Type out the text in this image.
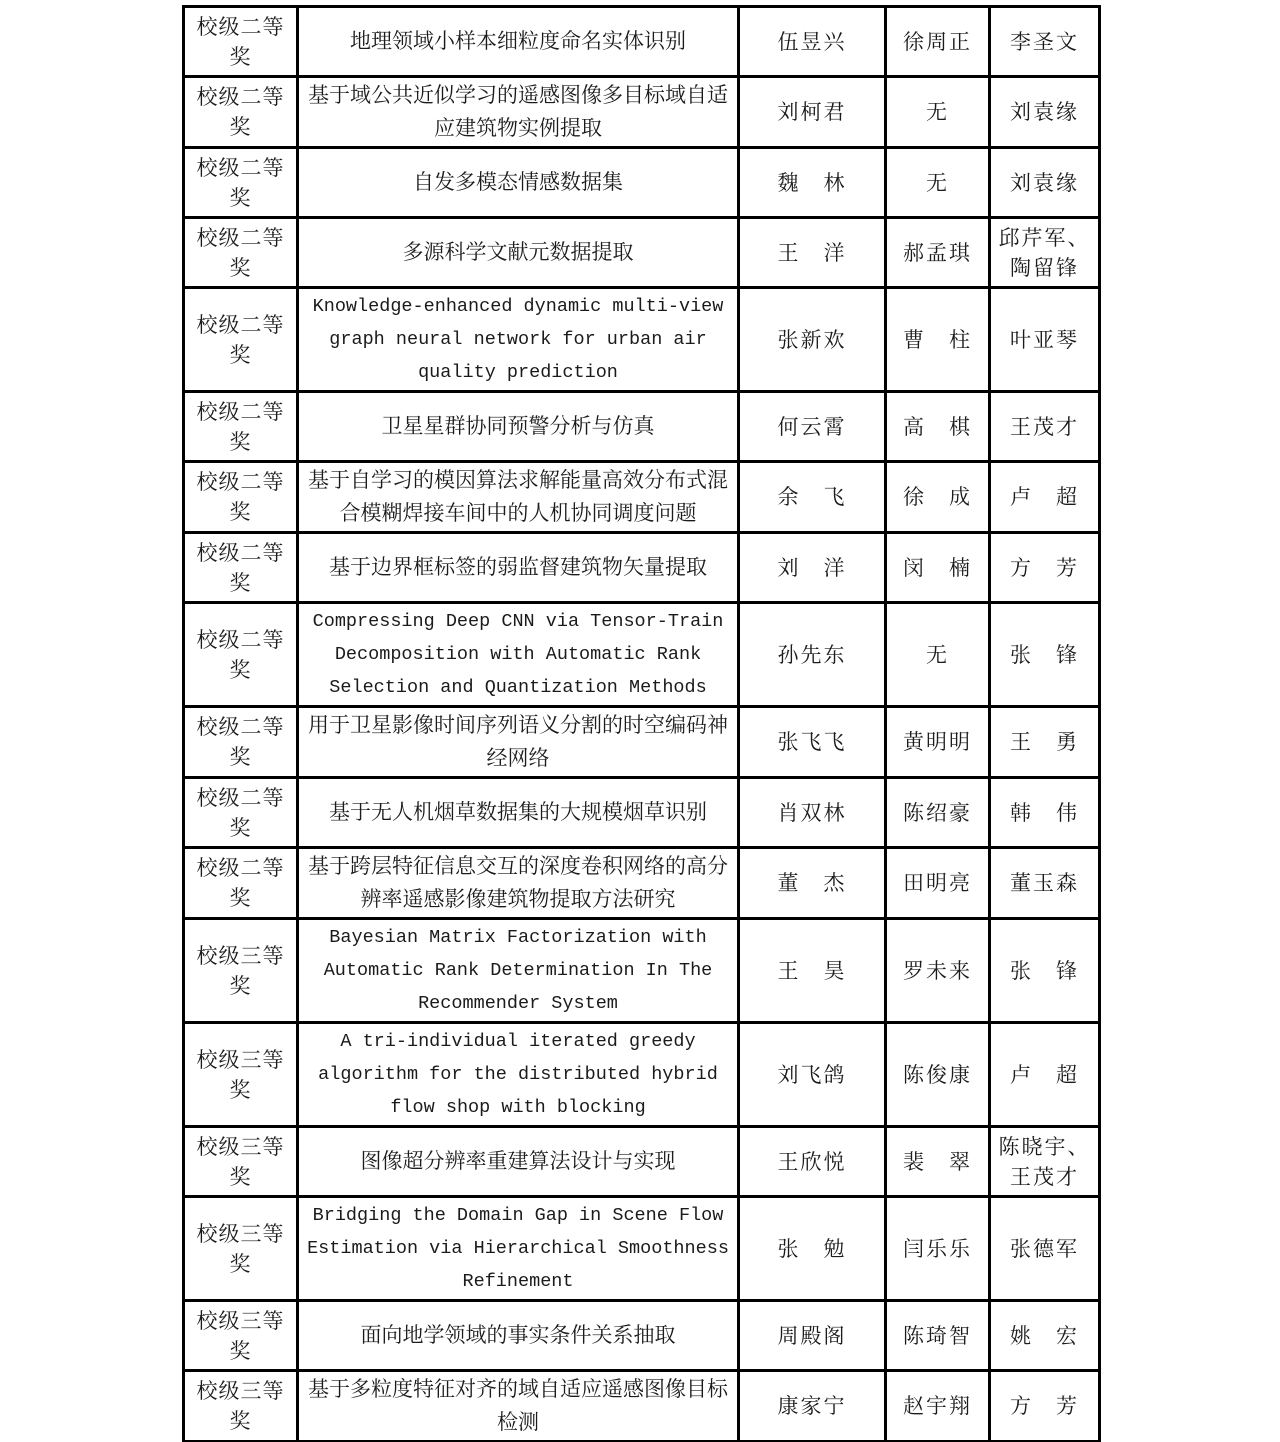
校级二等奖	地理领域小样本细粒度命名实体识别	伍昱兴	徐周正	李圣文
校级二等奖	基于域公共近似学习的遥感图像多目标域自适应建筑物实例提取	刘柯君	无	刘袁缘
校级二等奖	自发多模态情感数据集	魏　林	无	刘袁缘
校级二等奖	多源科学文献元数据提取	王　洋	郝孟琪	邱芹军、陶留锋
校级二等奖	Knowledge-enhanced dynamic multi-view graph neural network for urban air quality prediction	张新欢	曹　柱	叶亚琴
校级二等奖	卫星星群协同预警分析与仿真	何云霄	高　棋	王茂才
校级二等奖	基于自学习的模因算法求解能量高效分布式混合模糊焊接车间中的人机协同调度问题	余　飞	徐　成	卢　超
校级二等奖	基于边界框标签的弱监督建筑物矢量提取	刘　洋	闵　楠	方　芳
校级二等奖	Compressing Deep CNN via Tensor-Train Decomposition with Automatic Rank Selection and Quantization Methods	孙先东	无	张　锋
校级二等奖	用于卫星影像时间序列语义分割的时空编码神经网络	张飞飞	黄明明	王　勇
校级二等奖	基于无人机烟草数据集的大规模烟草识别	肖双林	陈绍豪	韩　伟
校级二等奖	基于跨层特征信息交互的深度卷积网络的高分辨率遥感影像建筑物提取方法研究	董　杰	田明亮	董玉森
校级三等奖	Bayesian Matrix Factorization with Automatic Rank Determination In The Recommender System	王　昊	罗未来	张　锋
校级三等奖	A tri-individual iterated greedy algorithm for the distributed hybrid flow shop with blocking	刘飞鸽	陈俊康	卢　超
校级三等奖	图像超分辨率重建算法设计与实现	王欣悦	裴　翠	陈晓宇、王茂才
校级三等奖	Bridging the Domain Gap in Scene Flow Estimation via Hierarchical Smoothness Refinement	张　勉	闫乐乐	张德军
校级三等奖	面向地学领域的事实条件关系抽取	周殿阁	陈琦智	姚　宏
校级三等奖	基于多粒度特征对齐的域自适应遥感图像目标检测	康家宁	赵宇翔	方　芳
